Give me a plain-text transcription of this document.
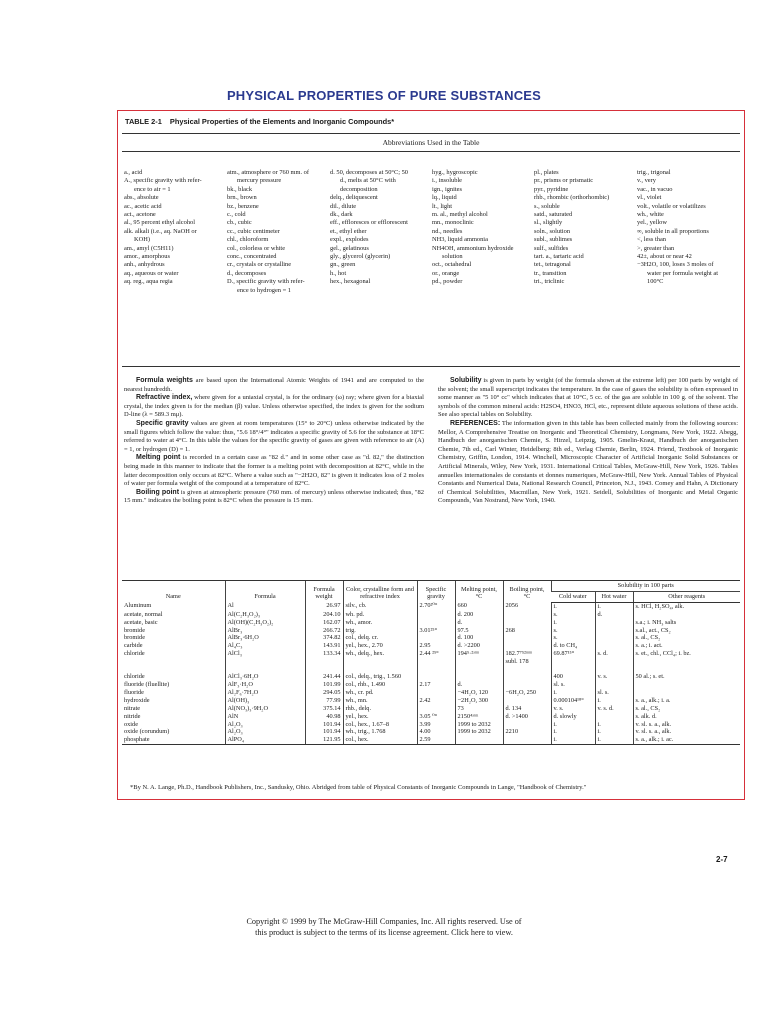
PHYSICAL PROPERTIES OF PURE SUBSTANCES
TABLE 2-1 Physical Properties of the Elements and Inorganic Compounds*
Abbreviations Used in the Table
a., acid
A., specific gravity with refer-
ence to air = 1
abs., absolute
ac., acetic acid
act., acetone
al., 95 percent ethyl alcohol
alk. alkali (i.e., aq. NaOH or
KOH)
am., amyl (C5H11)
amor., amorphous
anh., anhydrous
aq., aqueous or water
aq. reg., aqua regia
atm., atmosphere or 760 mm. of
mercury pressure
bk., black
brn., brown
bz., benzene
c., cold
cb., cubic
cc., cubic centimeter
chl., chloroform
col., colorless or white
conc., concentrated
cr., crystals or crystalline
d., decomposes
D., specific gravity with refer-
ence to hydrogen = 1
d. 50, decomposes at 50°C; 50
d., melts at 50°C with
decomposition
delq., deliquescent
dil., dilute
dk., dark
eff., effloresces or efflorescent
et., ethyl ether
expl., explodes
gel., gelatinous
gly., glycerol (glycerin)
gn., green
h., hot
hex., hexagonal
hyg., hygroscopic
i., insoluble
ign., ignites
lq., liquid
lt., light
m. al., methyl alcohol
mn., monoclinic
nd., needles
NH3, liquid ammonia
NH4OH, ammonium hydroxide
solution
oct., octahedral
or., orange
pd., powder
pl., plates
pr., prisms or prismatic
pyr., pyridine
rhb., rhombic (orthorhombic)
s., soluble
satd., saturated
sl., slightly
soln., solution
subl., sublimes
sulf., sulfides
tart. a., tartaric acid
tet., tetragonal
tr., transition
tri., triclinic
trig., trigonal
v., very
vac., in vacuo
vl., violet
volt., volatile or volatilizes
wh., white
yel., yellow
∞, soluble in all proportions
<, less than
>, greater than
42±, about or near 42
−3H2O, 100, loses 3 moles of
water per formula weight at
100°C

Formula weights are based upon the International Atomic Weights of 1941 and are computed to the nearest hundredth.

Refractive index, where given for a uniaxial crystal, is for the ordinary (ω) ray; where given for a biaxial crystal, the index given is for the median (β) value. Unless otherwise specified, the index is given for the sodium D-line (λ = 589.3 mμ).

Specific gravity values are given at room temperatures (15° to 20°C) unless otherwise indicated by the small figures which follow the value: thus, "5.6 18°/4°" indicates a specific gravity of 5.6 for the substance at 18°C referred to water at 4°C. In this table the values for the specific gravity of gases are given with reference to air (A) = 1, or hydrogen (D) = 1.

Melting point is recorded in a certain case as "82 d." and in some other case as "d. 82," the distinction being made in this manner to indicate that the former is a melting point with decomposition at 82°C, while in the latter decomposition only occurs at 82°C. Where a value such as "−2H2O, 82" is given it indicates loss of 2 moles of water per formula weight of the compound at a temperature of 82°C.

Boiling point is given at atmospheric pressure (760 mm. of mercury) unless otherwise indicated; thus, "82 15 mm." indicates the boiling point is 82°C when the pressure is 15 mm.

Solubility is given in parts by weight (of the formula shown at the extreme left) per 100 parts by weight of the solvent; the small superscript indicates the temperature. In the case of gases the solubility is often expressed in some manner as "5 10° cc" which indicates that at 10°C, 5 cc. of the gas are soluble in 100 g. of the solvent. The symbols of the common mineral acids: H2SO4, HNO3, HCl, etc., represent dilute aqueous solutions of these acids. See also special tables on Solubility.

REFERENCES: The information given in this table has been collected mainly from the following sources: Mellor, A Comprehensive Treatise on Inorganic and Theoretical Chemistry, Longmans, New York, 1922. Abegg, Handbuch der anorganischen Chemie, S. Hirzel, Leipzig, 1905. Gmelin-Kraut, Handbuch der anorganischen Chemie, 7th ed., Carl Winter, Heidelberg; 8th ed., Verlag Chemie, Berlin, 1924. Friend, Textbook of Inorganic Chemistry, Griffin, London, 1914. Winchell, Microscopic Character of Artificial Inorganic Solid Substances or Artificial Minerals, Wiley, New York, 1931. International Critical Tables, McGraw-Hill, New York, 1926. Tables annuelles internationales de constants et donnes numeriques, McGraw-Hill, New York. Annual Tables of Physical Constants and Numerical Data, National Research Council, Princeton, N.J., 1943. Comey and Hahn, A Dictionary of Chemical Solubilities, Macmillan, New York, 1921. Seidell, Solubilities of Inorganic and Metal Organic Compounds, Van Nostrand, New York, 1940.

Name	Formula	Formula weight	Color, crystalline form and refractive index	Specific gravity	Melting point, °C	Boiling point, °C	Solubility in 100 parts		
							Cold water	Hot water	Other reagents
Aluminum	Al	26.97	silv., cb.	2.70²⁰°	660	2056	i.	i.	s. HCl, H₂SO₄, alk.
acetate, normal	Al(C₂H₃O₂)₃	204.10	wh. pd.		d. 200		s.	d.	
acetate, basic	Al(OH)(C₂H₃O₂)₂	162.07	wh., amor.		d.		i.		s.a.; i. NH₃ salts
bromide	AlBr₃	266.72	trig.	3.01²⁵°	97.5	268	s.		s.al., act., CS₂
bromide	AlBr₃·6H₂O	374.82	col., delq. cr.		d. 100		s.		s. al., CS₂
carbide	Al₄C₃	143.91	yel., hex., 2.70	2.95	d. >2200		d. to CH₄		s. a.; i. act.
chloride	AlCl₃	133.34	wh., delq., hex.	2.44 ²⁵°	194⁵·²ᵃᵗᵐ	182.7⁷⁵²ᵐᵐ	69.87¹⁵°	s. d.	s. et., chl., CCl₄; i. bz.
						subl. 178			

chloride	AlCl₃·6H₂O	241.44	col., delq., trig., 1.560				400	v. s.	50 al.; s. et.
fluoride (fluellite)	AlF₃·H₂O	101.99	col., rhb., 1.490	2.17	d.		sl. s.		
fluoride	Al₂F₆·7H₂O	294.05	wh., cr. pd.		−4H₂O, 120	−6H₂O, 250	i.	sl. s.	
hydroxide	Al(OH)₃	77.99	wh., mn.	2.42	−2H₂O, 300		0.000104¹⁸°	i.	s. a., alk.; i. a.
nitrate	Al(NO₃)₃·9H₂O	375.14	rhb., delq.		73	d. 134	v. s.	v. s. d.	s. al., CS₂
nitride	AlN	40.98	yel., hex.	3.05 ⁰°	2150⁴ᵃᵗᵐ	d. >1400	d. slowly		s. alk. d.
oxide	Al₂O₃	101.94	col., hex., 1.67–8	3.99	1999 to 2032		i.	i.	v. sl. s. a., alk.
oxide (corundum)	Al₂O₃	101.94	wh., trig., 1.768	4.00	1999 to 2032	2210	i.	i.	v. sl. s. a., alk.
phosphate	AlPO₄	121.95	col., hex.	2.59			i.	i.	s. a., alk.; i. ac.
*By N. A. Lange, Ph.D., Handbook Publishers, Inc., Sandusky, Ohio. Abridged from table of Physical Constants of Inorganic Compounds in Lange, "Handbook of Chemistry."
2-7
Copyright © 1999 by The McGraw-Hill Companies, Inc. All rights reserved. Use of
this product is subject to the terms of its license agreement. Click here to view.
